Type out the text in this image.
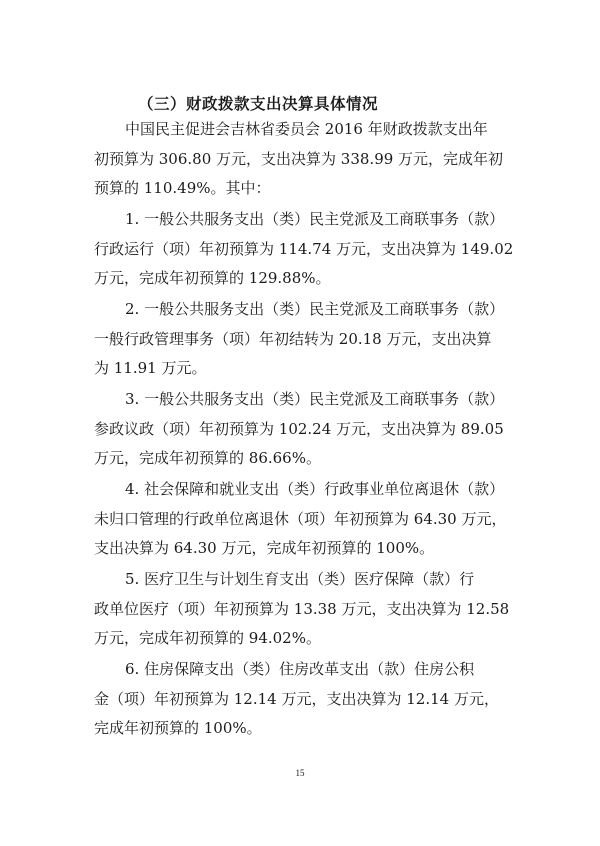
（三）财政拨款支出决算具体情况

中国民主促进会吉林省委员会 2016 年财政拨款支出年
初预算为 306.80 万元，支出决算为 338.99 万元，完成年初
预算的 110.49%。其中：

1. 一般公共服务支出（类）民主党派及工商联事务（款）
行政运行（项）年初预算为 114.74 万元，支出决算为 149.02
万元，完成年初预算的 129.88%。

2. 一般公共服务支出（类）民主党派及工商联事务（款）
一般行政管理事务（项）年初结转为 20.18 万元，支出决算
为 11.91 万元。

3. 一般公共服务支出（类）民主党派及工商联事务（款）
参政议政（项）年初预算为 102.24 万元，支出决算为 89.05
万元，完成年初预算的 86.66%。

4. 社会保障和就业支出（类）行政事业单位离退休（款）
未归口管理的行政单位离退休（项）年初预算为 64.30 万元，
支出决算为 64.30 万元，完成年初预算的 100%。

5. 医疗卫生与计划生育支出（类）医疗保障（款）行
政单位医疗（项）年初预算为 13.38 万元，支出决算为 12.58
万元，完成年初预算的 94.02%。

6. 住房保障支出（类）住房改革支出（款）住房公积
金（项）年初预算为 12.14 万元，支出决算为 12.14 万元，
完成年初预算的 100%。

15
